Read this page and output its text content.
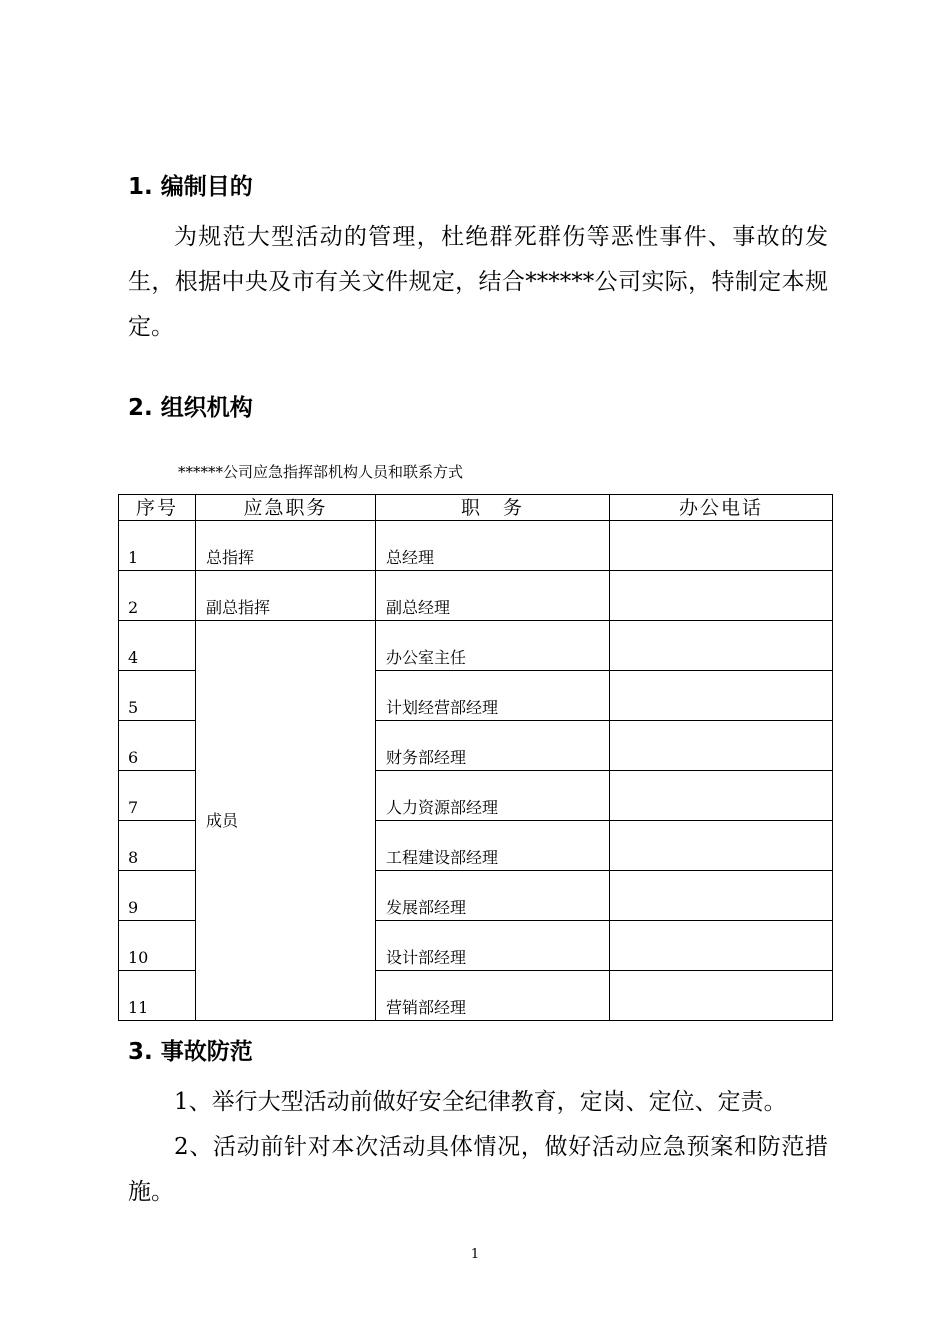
1. 编制目的
为规范大型活动的管理，杜绝群死群伤等恶性事件、事故的发生，根据中央及市有关文件规定，结合******公司实际，特制定本规定。
2. 组织机构
******公司应急指挥部机构人员和联系方式
序号	应急职务	职　务	办公电话
1	总指挥	总经理	
2	副总指挥	副总经理	
4	成员	办公室主任	
5		计划经营部经理	
6		财务部经理	
7		人力资源部经理	
8		工程建设部经理	
9		发展部经理	
10		设计部经理	
11		营销部经理	
3. 事故防范
1、举行大型活动前做好安全纪律教育，定岗、定位、定责。
2、活动前针对本次活动具体情况，做好活动应急预案和防范措施。
1
